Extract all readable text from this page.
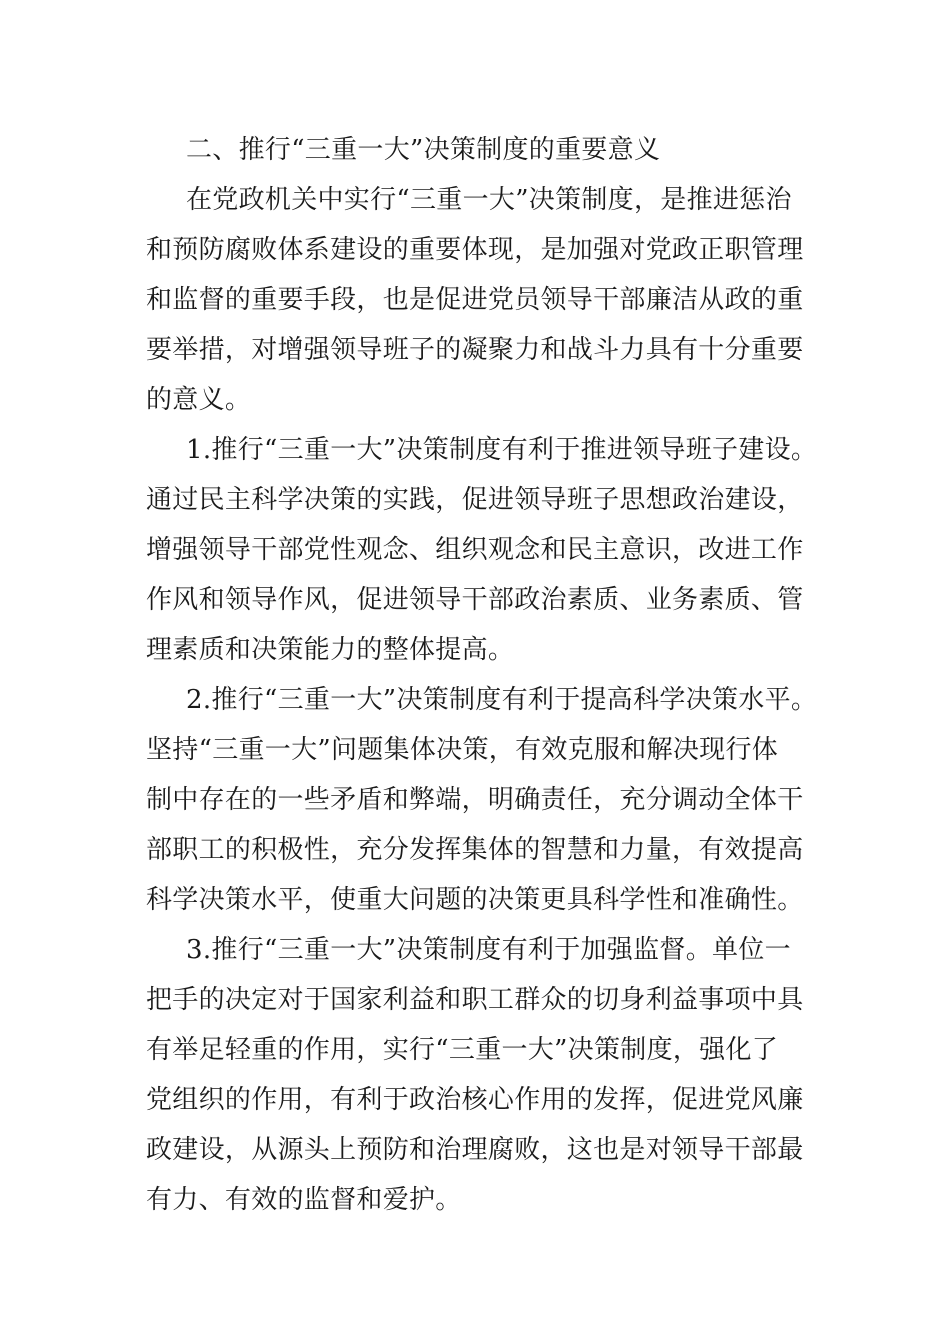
二、推行“三重一大”决策制度的重要意义
在党政机关中实行“三重一大”决策制度，是推进惩治
和预防腐败体系建设的重要体现，是加强对党政正职管理
和监督的重要手段，也是促进党员领导干部廉洁从政的重
要举措，对增强领导班子的凝聚力和战斗力具有十分重要
的意义。
1.推行“三重一大”决策制度有利于推进领导班子建设。
通过民主科学决策的实践，促进领导班子思想政治建设，
增强领导干部党性观念、组织观念和民主意识，改进工作
作风和领导作风，促进领导干部政治素质、业务素质、管
理素质和决策能力的整体提高。
2.推行“三重一大”决策制度有利于提高科学决策水平。
坚持“三重一大”问题集体决策，有效克服和解决现行体
制中存在的一些矛盾和弊端，明确责任，充分调动全体干
部职工的积极性，充分发挥集体的智慧和力量，有效提高
科学决策水平，使重大问题的决策更具科学性和准确性。
3.推行“三重一大”决策制度有利于加强监督。单位一
把手的决定对于国家利益和职工群众的切身利益事项中具
有举足轻重的作用，实行“三重一大”决策制度，强化了
党组织的作用，有利于政治核心作用的发挥，促进党风廉
政建设，从源头上预防和治理腐败，这也是对领导干部最
有力、有效的监督和爱护。
